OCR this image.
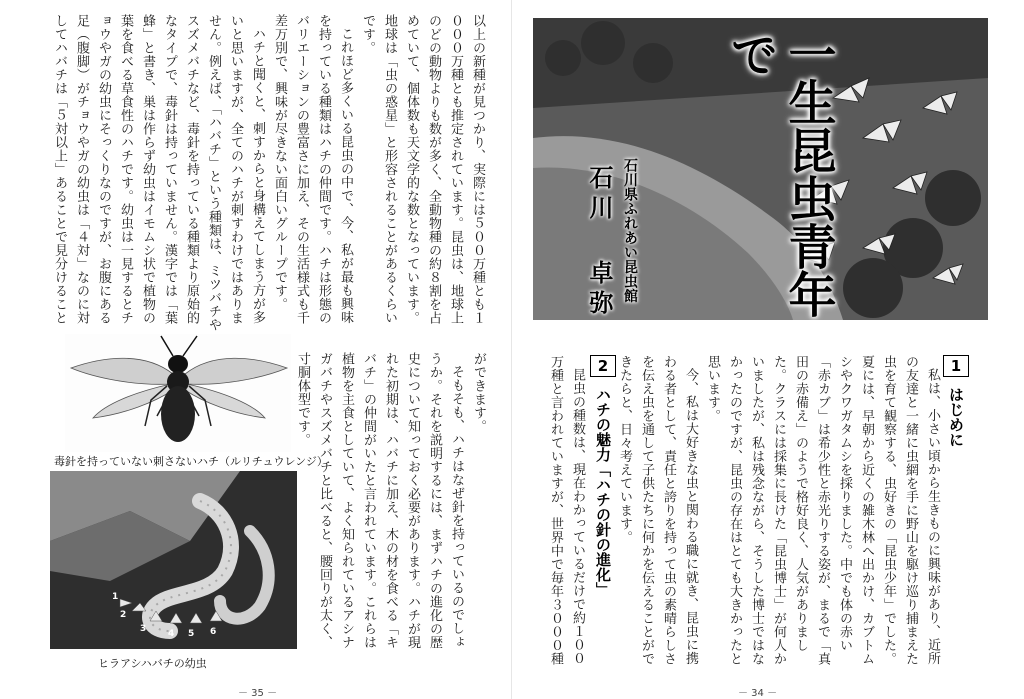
以上の新種が見つかり、実際には５００万種とも１０００万種とも推定されています。昆虫は、地球上のどの動物よりも数が多く、全動物種の約８割を占めていて、個体数も天文学的な数となっています。地球は「虫の惑星」と形容されることがあるくらいです。

これほど多くいる昆虫の中で、今、私が最も興味を持っている種類はハチの仲間です。ハチは形態のバリエーションの豊富さに加え、その生活様式も千差万別で、興味が尽きない面白いグループです。

ハチと聞くと、刺すからと身構えてしまう方が多いと思いますが、全てのハチが刺すわけではありません。例えば、「ハバチ」という種類は、ミツバチやスズメバチなど、毒針を持っている種類より原始的なタイプで、毒針は持っていません。漢字では「葉蜂」と書き、巣は作らず幼虫はイモムシ状で植物の葉を食べる草食性のハチです。幼虫は一見するとチョウやガの幼虫にそっくりなのですが、お腹にある足（腹脚）がチョウやガの幼虫は「４対」なのに対してハバチは「５対以上」あることで見分けること

毒針を持っていない刺さないハチ（ルリチュウレンジ）
1
2
3 4 5 6
ヒラアシハバチの幼虫

ができます。

そもそも、ハチはなぜ針を持っているのでしょうか。それを説明するには、まずハチの進化の歴史について知っておく必要があります。ハチが現れた初期は、ハバチに加え、木の材を食べる「キバチ」の仲間がいたと言われています。これらは植物を主食としていて、よく知られているアシナガバチやスズメバチと比べると、腰回りが太く、寸胴体型です。

－ 35 －
一生昆虫青年で
石川県ふれあい昆虫館
石川 卓弥
1はじめに

私は、小さい頃から生きものに興味があり、近所の友達と一緒に虫網を手に野山を駆け巡り捕まえた虫を育て観察する、虫好きの「昆虫少年」でした。夏には、早朝から近くの雑木林へ出かけ、カブトムシやクワガタムシを採りました。中でも体の赤い「赤カブ」は希少性と赤光りする姿が、まるで「真田の赤備え」のようで格好良く、人気がありました。クラスには採集に長けた「昆虫博士」が何人かいましたが、私は残念ながら、そうした博士ではなかったのですが、昆虫の存在はとても大きかったと思います。

今、私は大好きな虫と関わる職に就き、昆虫に携わる者として、責任と誇りを持って虫の素晴らしさを伝え虫を通して子供たちに何かを伝えることができたらと、日々考えています。

2ハチの魅力「ハチの針の進化」

昆虫の種数は、現在わかっているだけで約１００万種と言われていますが、世界中で毎年３０００種

－ 34 －
